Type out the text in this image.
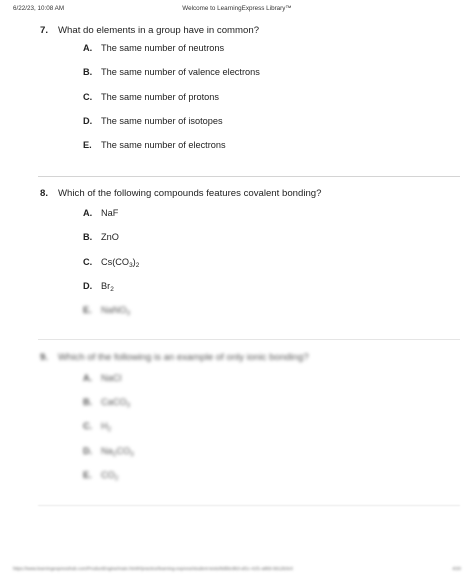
6/22/23, 10:08 AM	Welcome to LearningExpress Library™
7. What do elements in a group have in common?
A. The same number of neutrons
B. The same number of valence electrons
C. The same number of protons
D. The same number of isotopes
E. The same number of electrons
8. Which of the following compounds features covalent bonding?
A. NaF
B. ZnO
C. $Cs(CO_3)_2$
D. $Br_2$
E. NaNO$_3$
9. Which of the following is an example of only ionic bonding?
A. NaCl
B. CaCO$_3$
C. $H_2$
D. $Na_2CO_3$
E. $CO_2$
https://www.learningexpresshub.com/ProductEngine/main.html#/practice/learning-express/student-tests/8d5bc8b3-af1c-41f1-a8b5-5612b3c0	4/20
